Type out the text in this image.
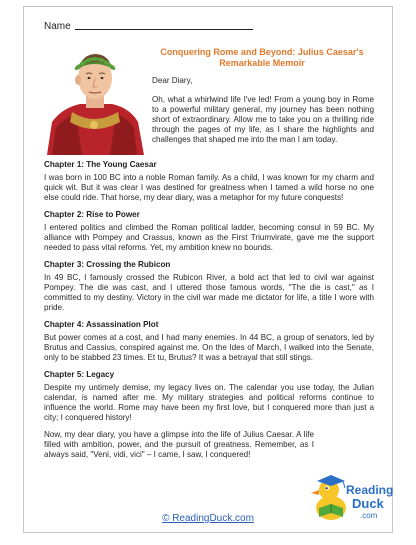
Name
Conquering Rome and Beyond: Julius Caesar's Remarkable Memoir
Dear Diary,
Oh, what a whirlwind life I've led! From a young boy in Rome to a powerful military general, my journey has been nothing short of extraordinary. Allow me to take you on a thrilling ride through the pages of my life, as I share the highlights and challenges that shaped me into the man I am today.
Chapter 1: The Young Caesar

I was born in 100 BC into a noble Roman family. As a child, I was known for my charm and quick wit. But it was clear I was destined for greatness when I tamed a wild horse no one else could ride. That horse, my dear diary, was a metaphor for my future conquests!

Chapter 2: Rise to Power

I entered politics and climbed the Roman political ladder, becoming consul in 59 BC. My alliance with Pompey and Crassus, known as the First Triumvirate, gave me the support needed to pass vital reforms. Yet, my ambition knew no bounds.

Chapter 3: Crossing the Rubicon

In 49 BC, I famously crossed the Rubicon River, a bold act that led to civil war against Pompey. The die was cast, and I uttered those famous words, "The die is cast," as I committed to my destiny. Victory in the civil war made me dictator for life, a title I wore with pride.

Chapter 4: Assassination Plot

But power comes at a cost, and I had many enemies. In 44 BC, a group of senators, led by Brutus and Cassius, conspired against me. On the Ides of March, I walked into the Senate, only to be stabbed 23 times. Et tu, Brutus? It was a betrayal that still stings.

Chapter 5: Legacy

Despite my untimely demise, my legacy lives on. The calendar you use today, the Julian calendar, is named after me. My military strategies and political reforms continue to influence the world. Rome may have been my first love, but I conquered more than just a city; I conquered history!

Now, my dear diary, you have a glimpse into the life of Julius Caesar. A life filled with ambition, power, and the pursuit of greatness. Remember, as I always said, "Veni, vidi, vici" – I came, I saw, I conquered!

Reading
Duck
.com
© ReadingDuck.com
